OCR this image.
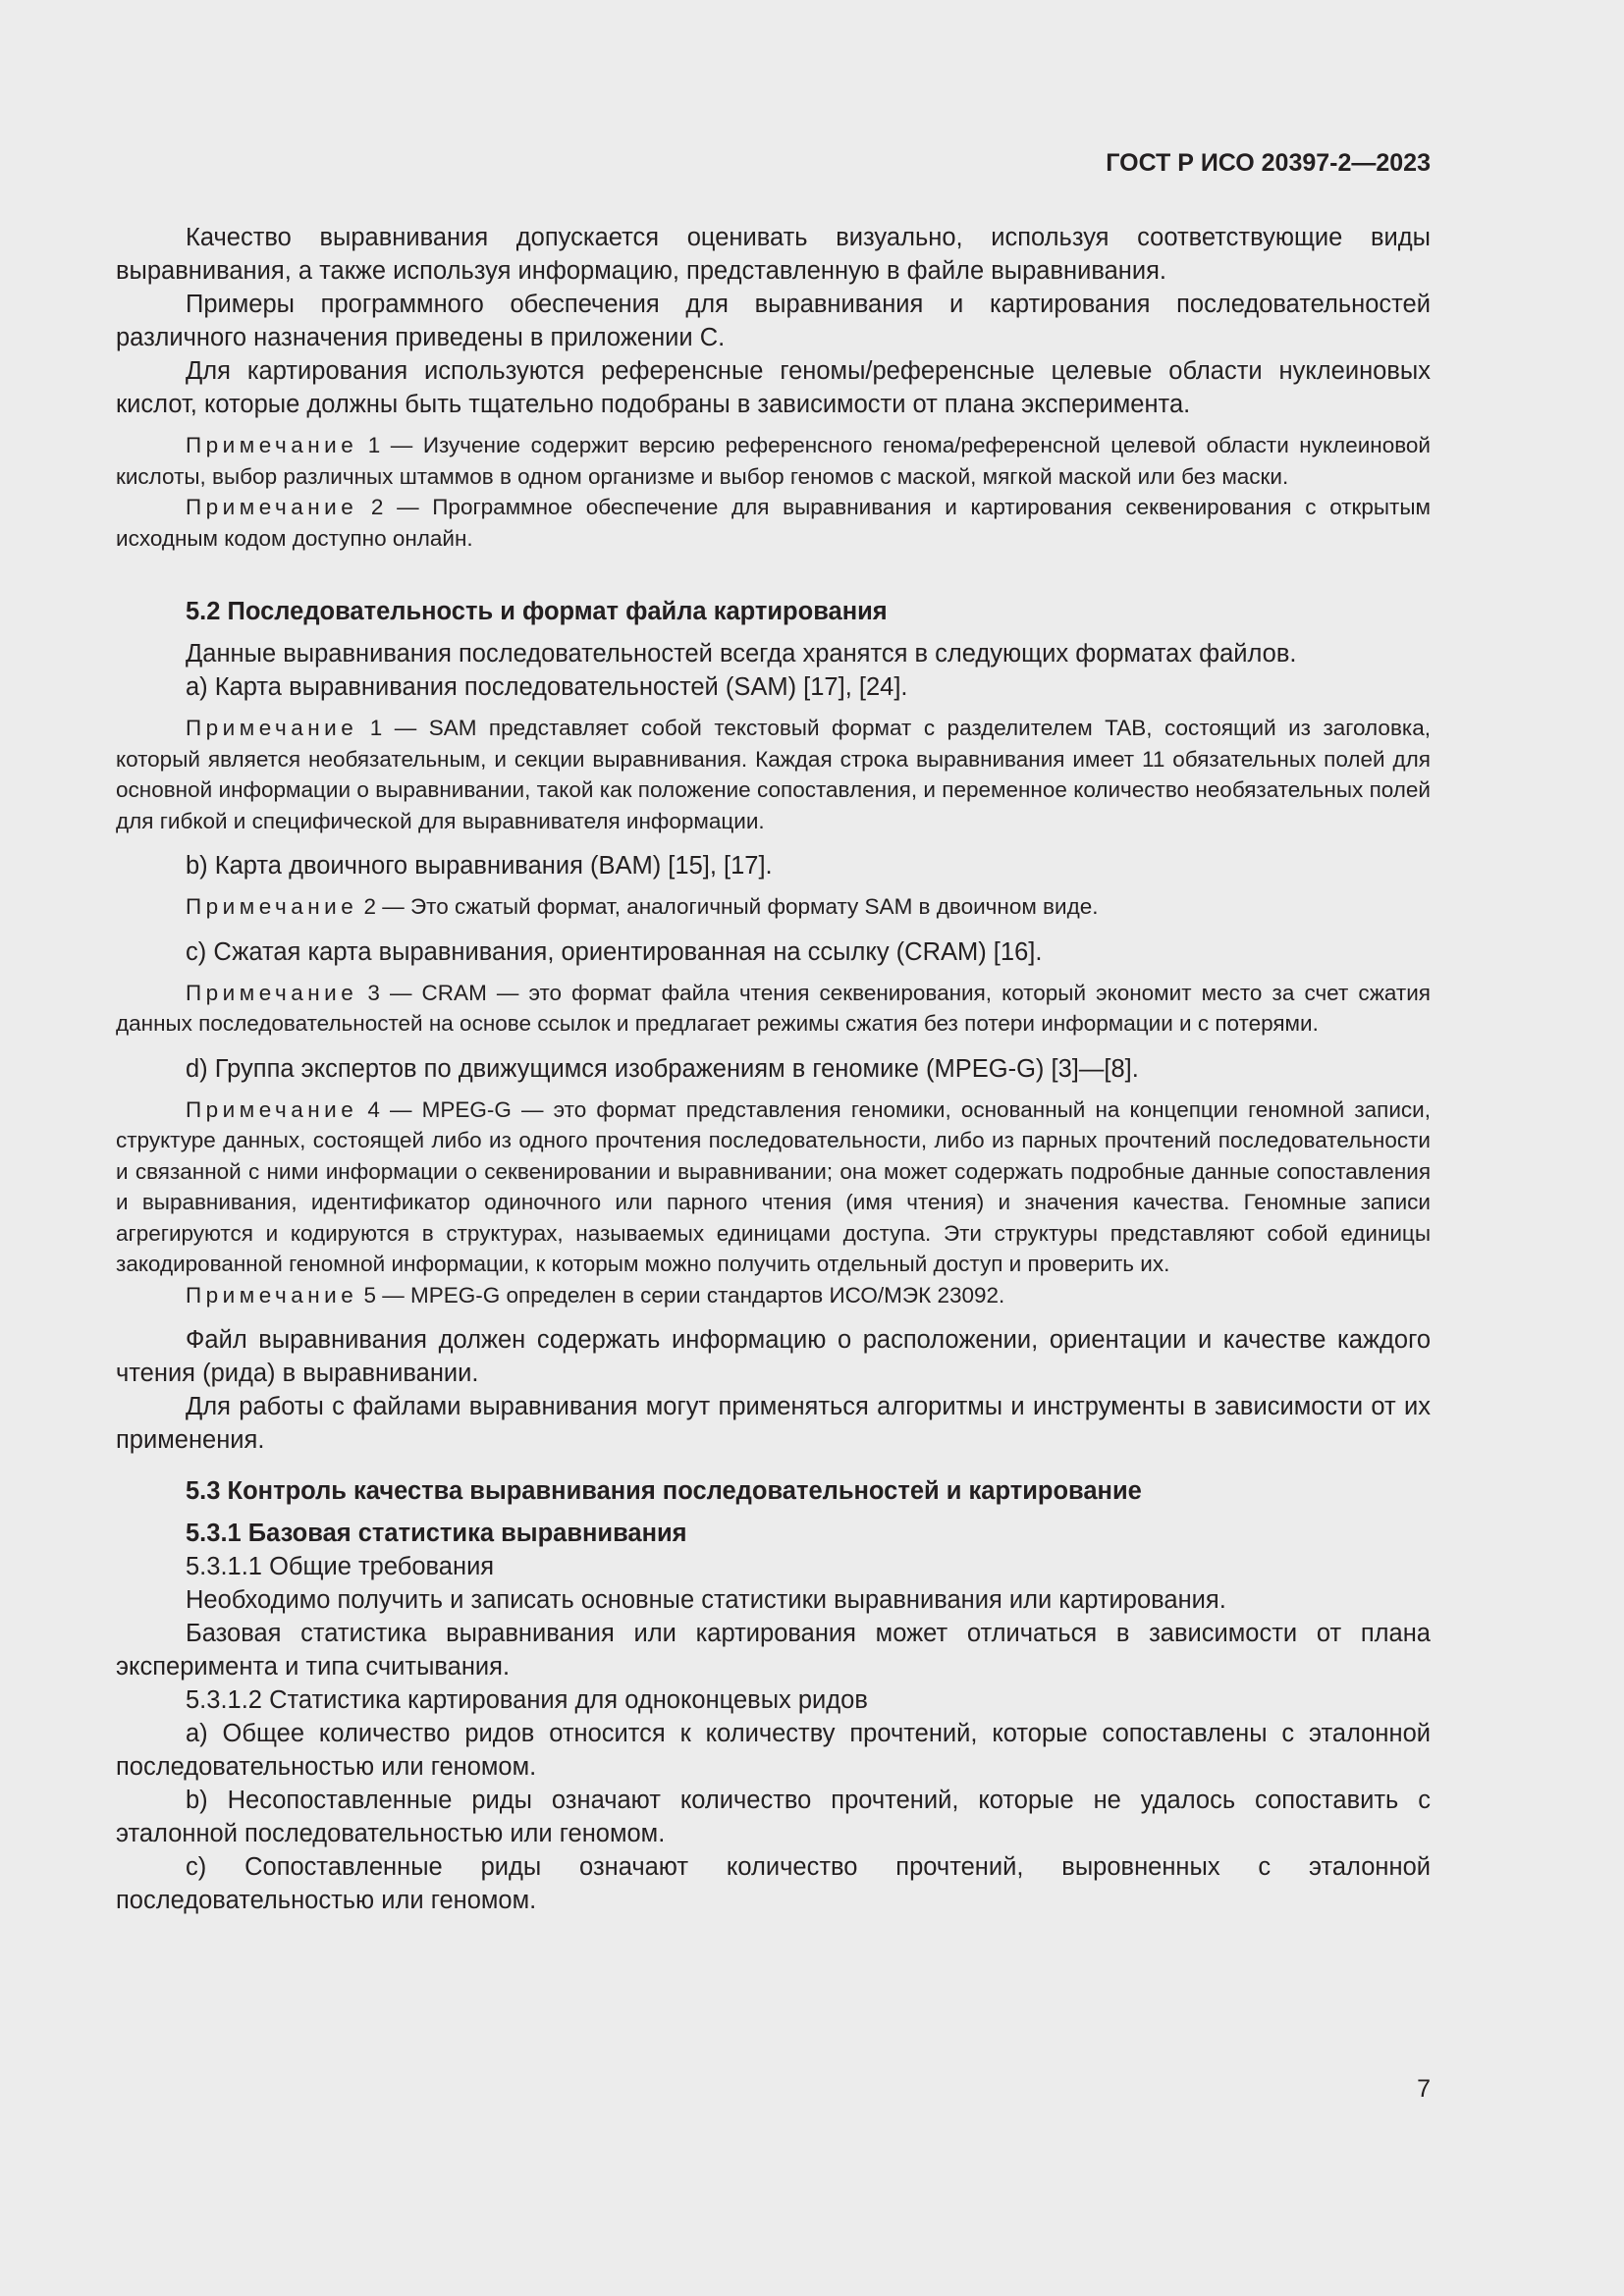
ГОСТ Р ИСО 20397-2—2023

Качество выравнивания допускается оценивать визуально, используя соответствующие виды выравнивания, а также используя информацию, представленную в файле выравнивания.

Примеры программного обеспечения для выравнивания и картирования последовательностей различного назначения приведены в приложении С.

Для картирования используются референсные геномы/референсные целевые области нуклеиновых кислот, которые должны быть тщательно подобраны в зависимости от плана эксперимента.

Примечание 1 — Изучение содержит версию референсного генома/референсной целевой области нуклеиновой кислоты, выбор различных штаммов в одном организме и выбор геномов с маской, мягкой маской или без маски.

Примечание 2 — Программное обеспечение для выравнивания и картирования секвенирования с открытым исходным кодом доступно онлайн.

5.2 Последовательность и формат файла картирования

Данные выравнивания последовательностей всегда хранятся в следующих форматах файлов.

a) Карта выравнивания последовательностей (SAM) [17], [24].

Примечание 1 — SAM представляет собой текстовый формат с разделителем TAB, состоящий из заголовка, который является необязательным, и секции выравнивания. Каждая строка выравнивания имеет 11 обязательных полей для основной информации о выравнивании, такой как положение сопоставления, и переменное количество необязательных полей для гибкой и специфической для выравнивателя информации.

b) Карта двоичного выравнивания (BAM) [15], [17].

Примечание 2 — Это сжатый формат, аналогичный формату SAM в двоичном виде.

c) Сжатая карта выравнивания, ориентированная на ссылку (CRAM) [16].

Примечание 3 — CRAM — это формат файла чтения секвенирования, который экономит место за счет сжатия данных последовательностей на основе ссылок и предлагает режимы сжатия без потери информации и с потерями.

d) Группа экспертов по движущимся изображениям в геномике (MPEG-G) [3]—[8].

Примечание 4 — MPEG-G — это формат представления геномики, основанный на концепции геномной записи, структуре данных, состоящей либо из одного прочтения последовательности, либо из парных прочтений последовательности и связанной с ними информации о секвенировании и выравнивании; она может содержать подробные данные сопоставления и выравнивания, идентификатор одиночного или парного чтения (имя чтения) и значения качества. Геномные записи агрегируются и кодируются в структурах, называемых единицами доступа. Эти структуры представляют собой единицы закодированной геномной информации, к которым можно получить отдельный доступ и проверить их.

Примечание 5 — MPEG-G определен в серии стандартов ИСО/МЭК 23092.

Файл выравнивания должен содержать информацию о расположении, ориентации и качестве каждого чтения (рида) в выравнивании.

Для работы с файлами выравнивания могут применяться алгоритмы и инструменты в зависимости от их применения.

5.3 Контроль качества выравнивания последовательностей и картирование

5.3.1 Базовая статистика выравнивания

5.3.1.1 Общие требования

Необходимо получить и записать основные статистики выравнивания или картирования.

Базовая статистика выравнивания или картирования может отличаться в зависимости от плана эксперимента и типа считывания.

5.3.1.2 Статистика картирования для одноконцевых ридов

a) Общее количество ридов относится к количеству прочтений, которые сопоставлены с эталонной последовательностью или геномом.

b) Несопоставленные риды означают количество прочтений, которые не удалось сопоставить с эталонной последовательностью или геномом.

c) Сопоставленные риды означают количество прочтений, выровненных с эталонной последовательностью или геномом.

7
